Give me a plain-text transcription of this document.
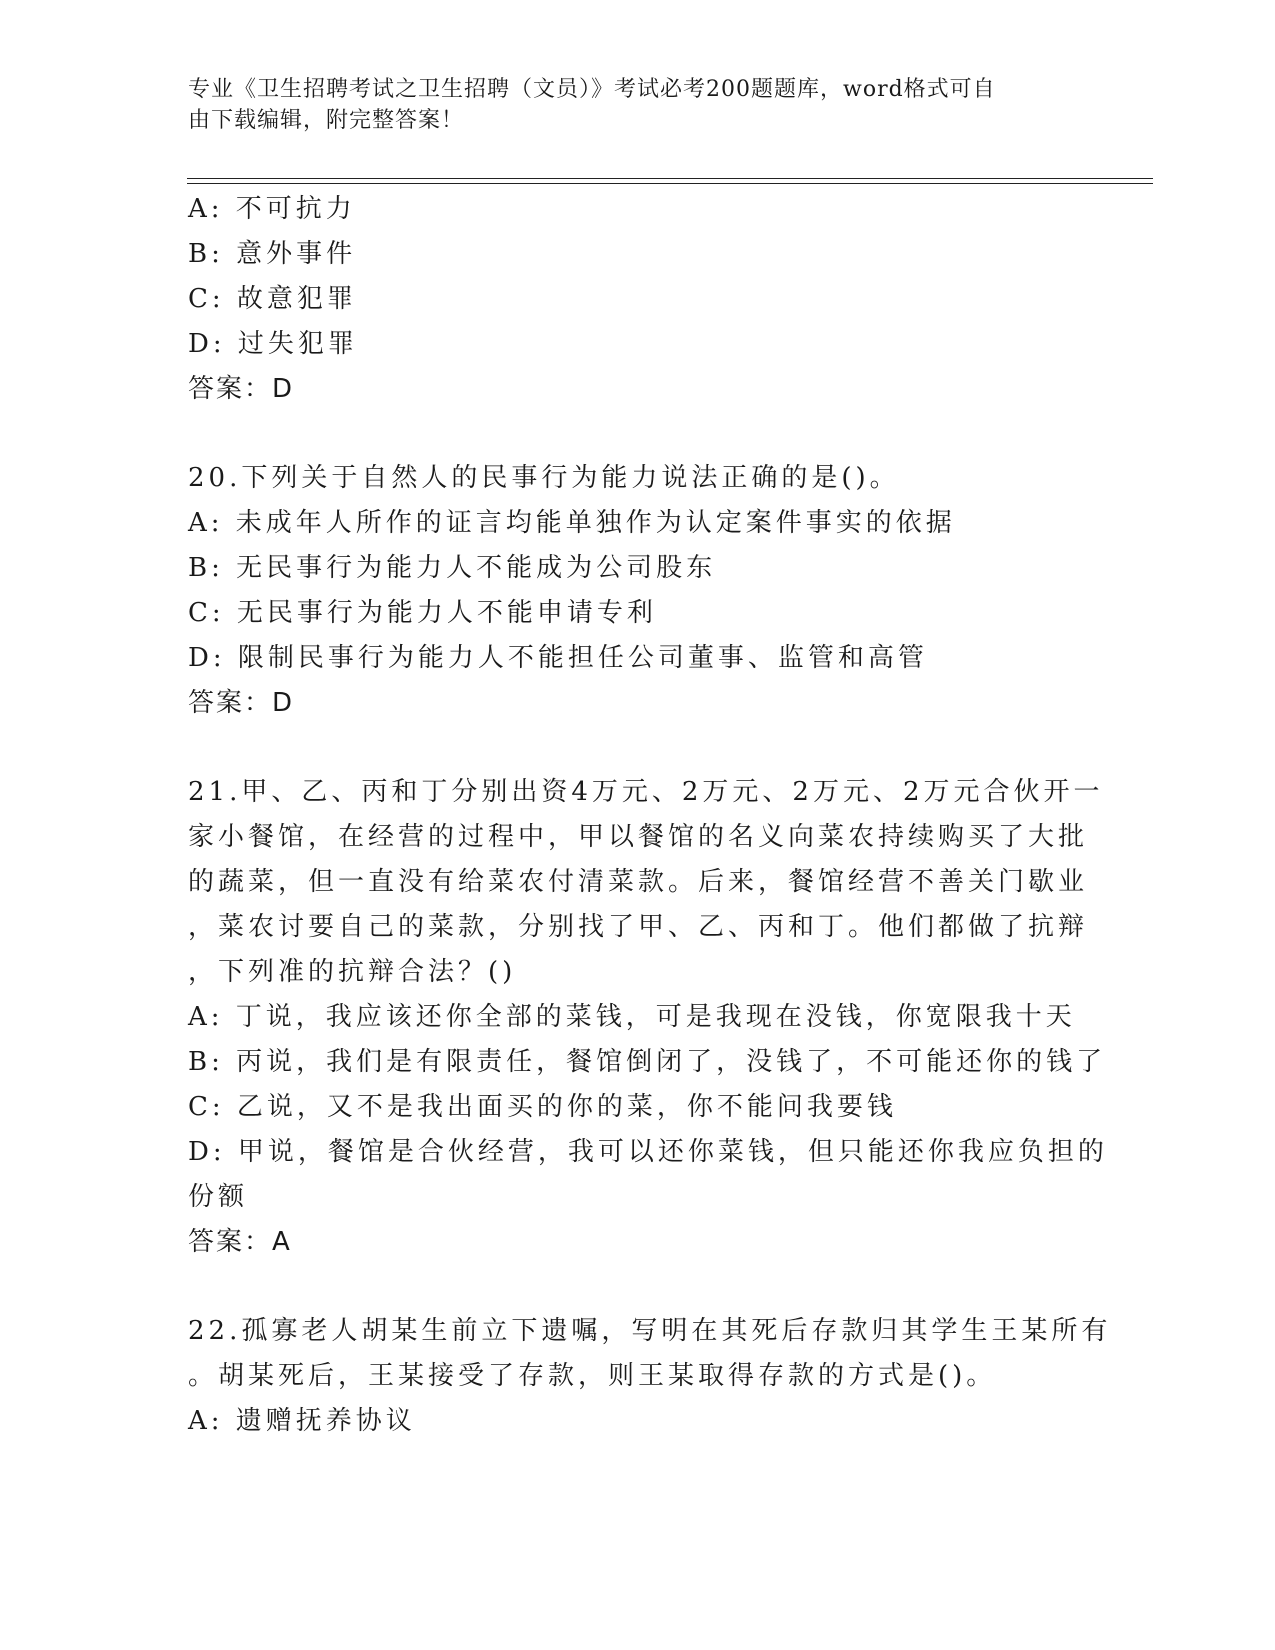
专业《卫生招聘考试之卫生招聘（文员）》考试必考200题题库，word格式可自
由下载编辑，附完整答案！
A: 不可抗力
B: 意外事件
C: 故意犯罪
D: 过失犯罪
答案：D
20.下列关于自然人的民事行为能力说法正确的是()。
A: 未成年人所作的证言均能单独作为认定案件事实的依据
B: 无民事行为能力人不能成为公司股东
C: 无民事行为能力人不能申请专利
D: 限制民事行为能力人不能担任公司董事、监管和高管
答案：D
21.甲、乙、丙和丁分别出资4万元、2万元、2万元、2万元合伙开一
家小餐馆，在经营的过程中，甲以餐馆的名义向菜农持续购买了大批
的蔬菜，但一直没有给菜农付清菜款。后来，餐馆经营不善关门歇业
，菜农讨要自己的菜款，分别找了甲、乙、丙和丁。他们都做了抗辩
，下列准的抗辩合法？()
A: 丁说，我应该还你全部的菜钱，可是我现在没钱，你宽限我十天
B: 丙说，我们是有限责任，餐馆倒闭了，没钱了，不可能还你的钱了
C: 乙说，又不是我出面买的你的菜，你不能问我要钱
D: 甲说，餐馆是合伙经营，我可以还你菜钱，但只能还你我应负担的
份额
答案：A
22.孤寡老人胡某生前立下遗嘱，写明在其死后存款归其学生王某所有
。胡某死后，王某接受了存款，则王某取得存款的方式是()。
A: 遗赠抚养协议
